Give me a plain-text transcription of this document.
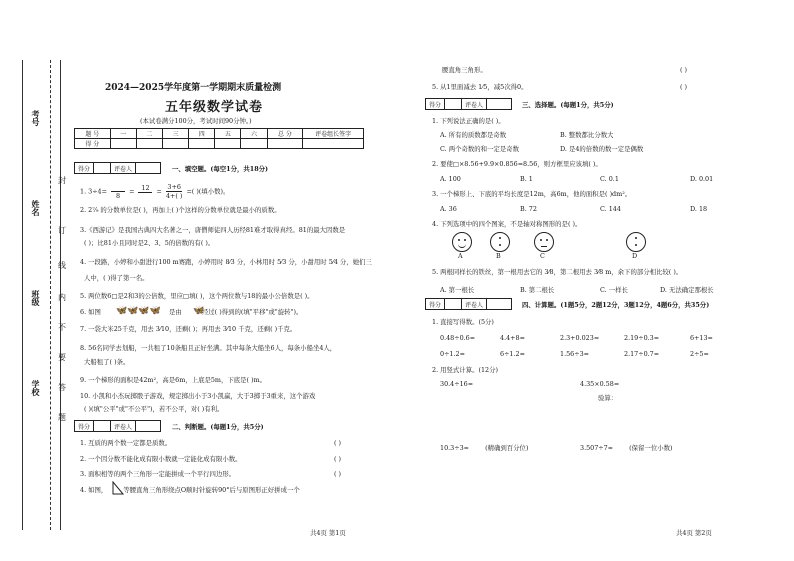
考号
姓名
班级
学校
封
订
线
内
不
要
答
题
2024—2025学年度第一学期期末质量检测
五年级数学试卷
(本试卷满分100分，考试时间90分钟。)
题 号	一	二	三	四	五	六	总 分	评卷组长签字
得 分								
得分		评卷人		一、填空题。(每空1分，共18分)
1. 3÷4=	8	=	12	= $\frac{3+6}{4+( )}$ =( )(填小数)。
2. 2⁷⁄₉ 的分数单位是( )，再加上( )个这样的分数单位就是最小的质数。
3.《西游记》是我国古典四大名著之一，唐僧师徒四人历经81难才取得真经。81的最大因数是
( )；比81小且同时是2、3、5的倍数的有( )。
4. 一段路，小婷和小甜进行100 m赛跑，小婷用时 8⁄3 分，小林用时 5⁄3 分，小甜用时 5⁄4 分，她们三
人中，( )得了第一名。
5. 两位数6□是2和3的公倍数，里应□填( )，这个两位数与18的最小公倍数是( )。
6. 如图	是由	经过( )得到的(填"平移"或"旋转")。
🦋🦋🦋🦋	🦋
7. 一袋大米25千克，用去 3⁄10，还剩( )；再用去 3⁄10 千克，还剩( )千克。
8. 56名同学去划船，一共租了10条船且正好坐满。其中每条大船坐6人，每条小船坐4人，
大船租了( )条。
9. 一个梯形的面积是42m²，高是6m，上底是5m，下底是( )m。
10. 小凯和小杰玩掷骰子游戏，规定掷出小于3小凯赢，大于3掷于3重来，这个游戏
( )(填"公平"或"不公平")，若不公平，对( )有利。
得分		评卷人		二、判断题。(每题1分，共5分)
1. 互质的两个数一定都是质数。	( )
2. 一个因分数不能化成有限小数就一定能化成有限小数。	( )
3. 面积相等的两个三角形一定能拼成一个平行四边形。	( )
4. 如图，	等腰直角三角形绕点O顺时针旋转90°后与原图形正好拼成一个
共4页 第1页
腰直角三角形。	( )
5. 从1里面减去 1⁄5，减5次得0。	( )
得分		评卷人		三、选择题。(每题1分，共5分)
1. 下列说法正确的是( )。
A. 所有的质数都是奇数	B. 整数都比分数大
C. 两个奇数的和一定是奇数	D. 是4的倍数的数一定是偶数
2. 要使□×8.56+9.9×0.856=8.56，则方框里应该填( )。
A. 100	B. 1	C. 0.1	D. 0.01
3. 一个梯形上、下底的平均长度是12m，高6m，他的面积是( )dm²。
A. 36	B. 72	C. 144	D. 18
4. 下列选项中的四个图案，不是轴对称图形的是( )。
A	B	C	D
5. 两根同样长的铁丝，第一根用去它的 3⁄8，第二根用去 3⁄8 m，余下的部分相比较( )。
A. 第一根长	B. 第二根长	C. 一样长	D. 无法确定那根长
得分		评卷人		四、计算题。(1题5分，2题12分，3题12分，4题6分，共35分)
1. 直接写得数。(5分)
0.48÷0.6=	4.4+8=	2.3+0.023=	2.19÷0.3=	6+13=
0÷1.2=	6÷1.2=	1.56÷3=	2.17÷0.7=	2÷5=
2. 用竖式计算。(12分)
30.4÷16=	4.35×0.58=
验算：
10.3÷3≈	(精确到百分位)	3.507÷7≈	(保留一位小数)
共4页 第2页
